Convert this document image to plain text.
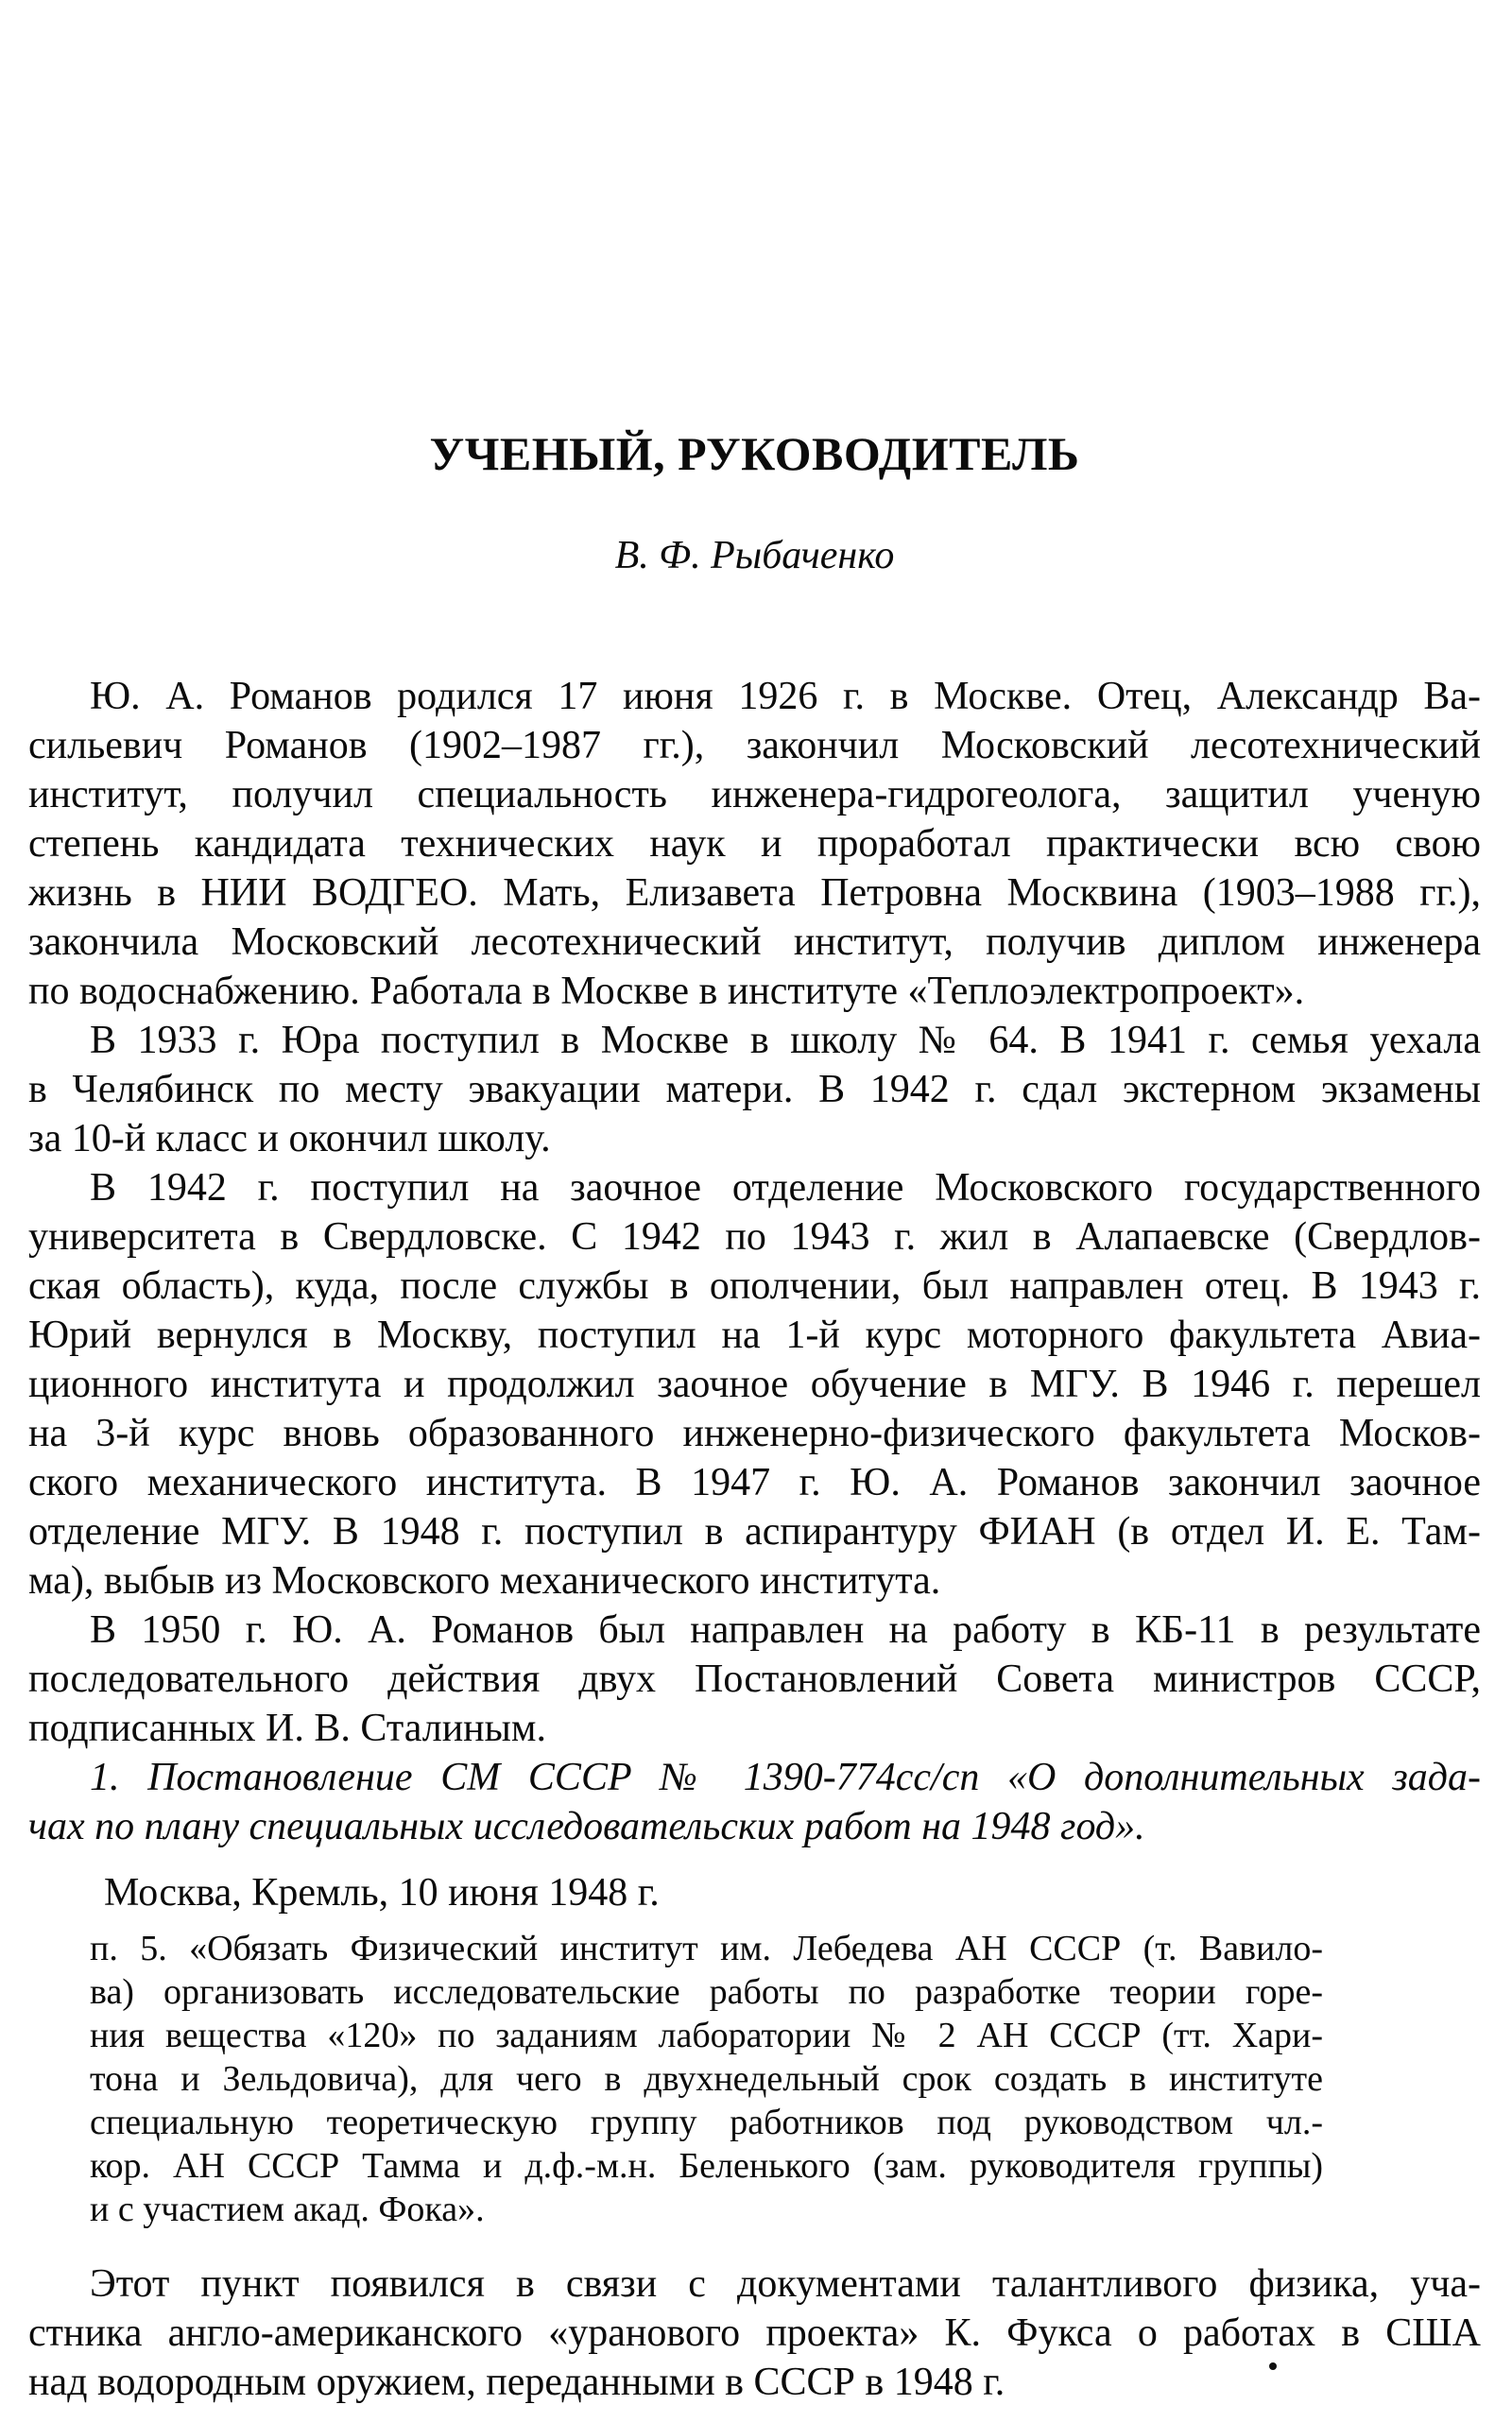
УЧЕНЫЙ, РУКОВОДИТЕЛЬ
В. Ф. Рыбаченко
Ю. А. Романов родился 17 июня 1926 г. в Москве. Отец, Александр Ва-
сильевич Романов (1902–1987 гг.), закончил Московский лесотехнический
институт, получил специальность инженера-гидрогеолога, защитил ученую
степень кандидата технических наук и проработал практически всю свою
жизнь в НИИ ВОДГЕО. Мать, Елизавета Петровна Москвина (1903–1988 гг.),
закончила Московский лесотехнический институт, получив диплом инженера
по водоснабжению. Работала в Москве в институте «Теплоэлектропроект».
В 1933 г. Юра поступил в Москве в школу № 64. В 1941 г. семья уехала
в Челябинск по месту эвакуации матери. В 1942 г. сдал экстерном экзамены
за 10-й класс и окончил школу.
В 1942 г. поступил на заочное отделение Московского государственного
университета в Свердловске. С 1942 по 1943 г. жил в Алапаевске (Свердлов-
ская область), куда, после службы в ополчении, был направлен отец. В 1943 г.
Юрий вернулся в Москву, поступил на 1-й курс моторного факультета Авиа-
ционного института и продолжил заочное обучение в МГУ. В 1946 г. перешел
на 3-й курс вновь образованного инженерно-физического факультета Москов-
ского механического института. В 1947 г. Ю. А. Романов закончил заочное
отделение МГУ. В 1948 г. поступил в аспирантуру ФИАН (в отдел И. Е. Там-
ма), выбыв из Московского механического института.
В 1950 г. Ю. А. Романов был направлен на работу в КБ-11 в результате
последовательного действия двух Постановлений Совета министров СССР,
подписанных И. В. Сталиным.
1. Постановление СМ СССР № 1390-774сс/сп «О дополнительных зада-
чах по плану специальных исследовательских работ на 1948 год».
Москва, Кремль, 10 июня 1948 г.
п. 5. «Обязать Физический институт им. Лебедева АН СССР (т. Вавило-
ва) организовать исследовательские работы по разработке теории горе-
ния вещества «120» по заданиям лаборатории № 2 АН СССР (тт. Хари-
тона и Зельдовича), для чего в двухнедельный срок создать в институте
специальную теоретическую группу работников под руководством чл.-
кор. АН СССР Тамма и д.ф.-м.н. Беленького (зам. руководителя группы)
и с участием акад. Фока».
Этот пункт появился в связи с документами талантливого физика, уча-
стника англо-американского «уранового проекта» К. Фукса о работах в США
над водородным оружием, переданными в СССР в 1948 г.
